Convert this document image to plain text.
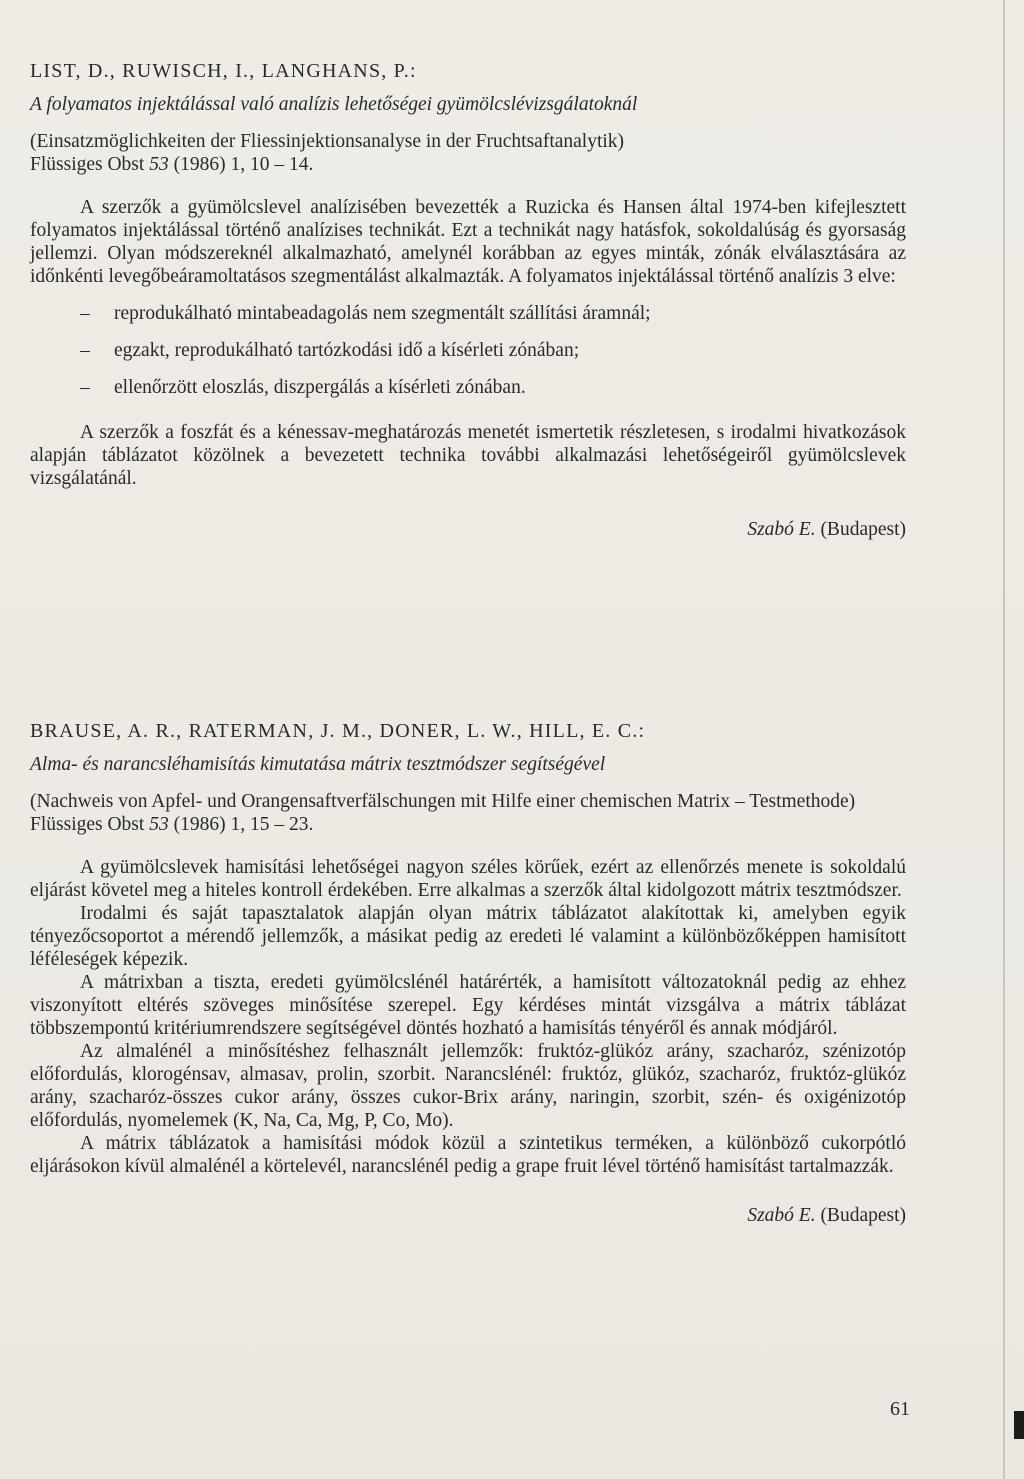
LIST, D., RUWISCH, I., LANGHANS, P.:
A folyamatos injektálással való analízis lehetőségei gyümölcslévizsgálatoknál
(Einsatzmöglichkeiten der Fliessinjektionsanalyse in der Fruchtsaftanalytik)
Flüssiges Obst 53 (1986) 1, 10 – 14.
A szerzők a gyümölcslevel analízisében bevezették a Ruzicka és Hansen által 1974-ben kifejlesztett folyamatos injektálással történő analízises technikát. Ezt a technikát nagy hatásfok, sokoldalúság és gyorsaság jellemzi. Olyan módszereknél alkalmazható, amelynél korábban az egyes minták, zónák elválasztására az időnkénti levegőbeáramoltatásos szegmentálást alkalmazták. A folyamatos injektálással történő analízis 3 elve:
– reprodukálható mintabeadagolás nem szegmentált szállítási áramnál;
– egzakt, reprodukálható tartózkodási idő a kísérleti zónában;
– ellenőrzött eloszlás, diszpergálás a kísérleti zónában.
A szerzők a foszfát és a kénessav-meghatározás menetét ismertetik részletesen, s irodalmi hivatkozások alapján táblázatot közölnek a bevezetett technika további alkalmazási lehetőségeiről gyümölcslevek vizsgálatánál.
Szabó E. (Budapest)
BRAUSE, A. R., RATERMAN, J. M., DONER, L. W., HILL, E. C.:
Alma- és narancsléhamisítás kimutatása mátrix tesztmódszer segítségével
(Nachweis von Apfel- und Orangensaftverfälschungen mit Hilfe einer chemischen Matrix – Testmethode)
Flüssiges Obst 53 (1986) 1, 15 – 23.
A gyümölcslevek hamisítási lehetőségei nagyon széles körűek, ezért az ellenőrzés menete is sokoldalú eljárást követel meg a hiteles kontroll érdekében. Erre alkalmas a szerzők által kidolgozott mátrix tesztmódszer.
Irodalmi és saját tapasztalatok alapján olyan mátrix táblázatot alakítottak ki, amelyben egyik tényezőcsoportot a mérendő jellemzők, a másikat pedig az eredeti lé valamint a különbözőképpen hamisított léféleségek képezik.
A mátrixban a tiszta, eredeti gyümölcslénél határérték, a hamisított változatoknál pedig az ehhez viszonyított eltérés szöveges minősítése szerepel. Egy kérdéses mintát vizsgálva a mátrix táblázat többszempontú kritériumrendszere segítségével döntés hozható a hamisítás tényéről és annak módjáról.
Az almalénél a minősítéshez felhasznált jellemzők: fruktóz-glükóz arány, szacharóz, szénizotóp előfordulás, klorogénsav, almasav, prolin, szorbit. Narancslénél: fruktóz, glükóz, szacharóz, fruktóz-glükóz arány, szacharóz-összes cukor arány, összes cukor-Brix arány, naringin, szorbit, szén- és oxigénizotóp előfordulás, nyomelemek (K, Na, Ca, Mg, P, Co, Mo).
A mátrix táblázatok a hamisítási módok közül a szintetikus terméken, a különböző cukorpótló eljárásokon kívül almalénél a körtelevél, narancslénél pedig a grape fruit lével történő hamisítást tartalmazzák.
Szabó E. (Budapest)
61
